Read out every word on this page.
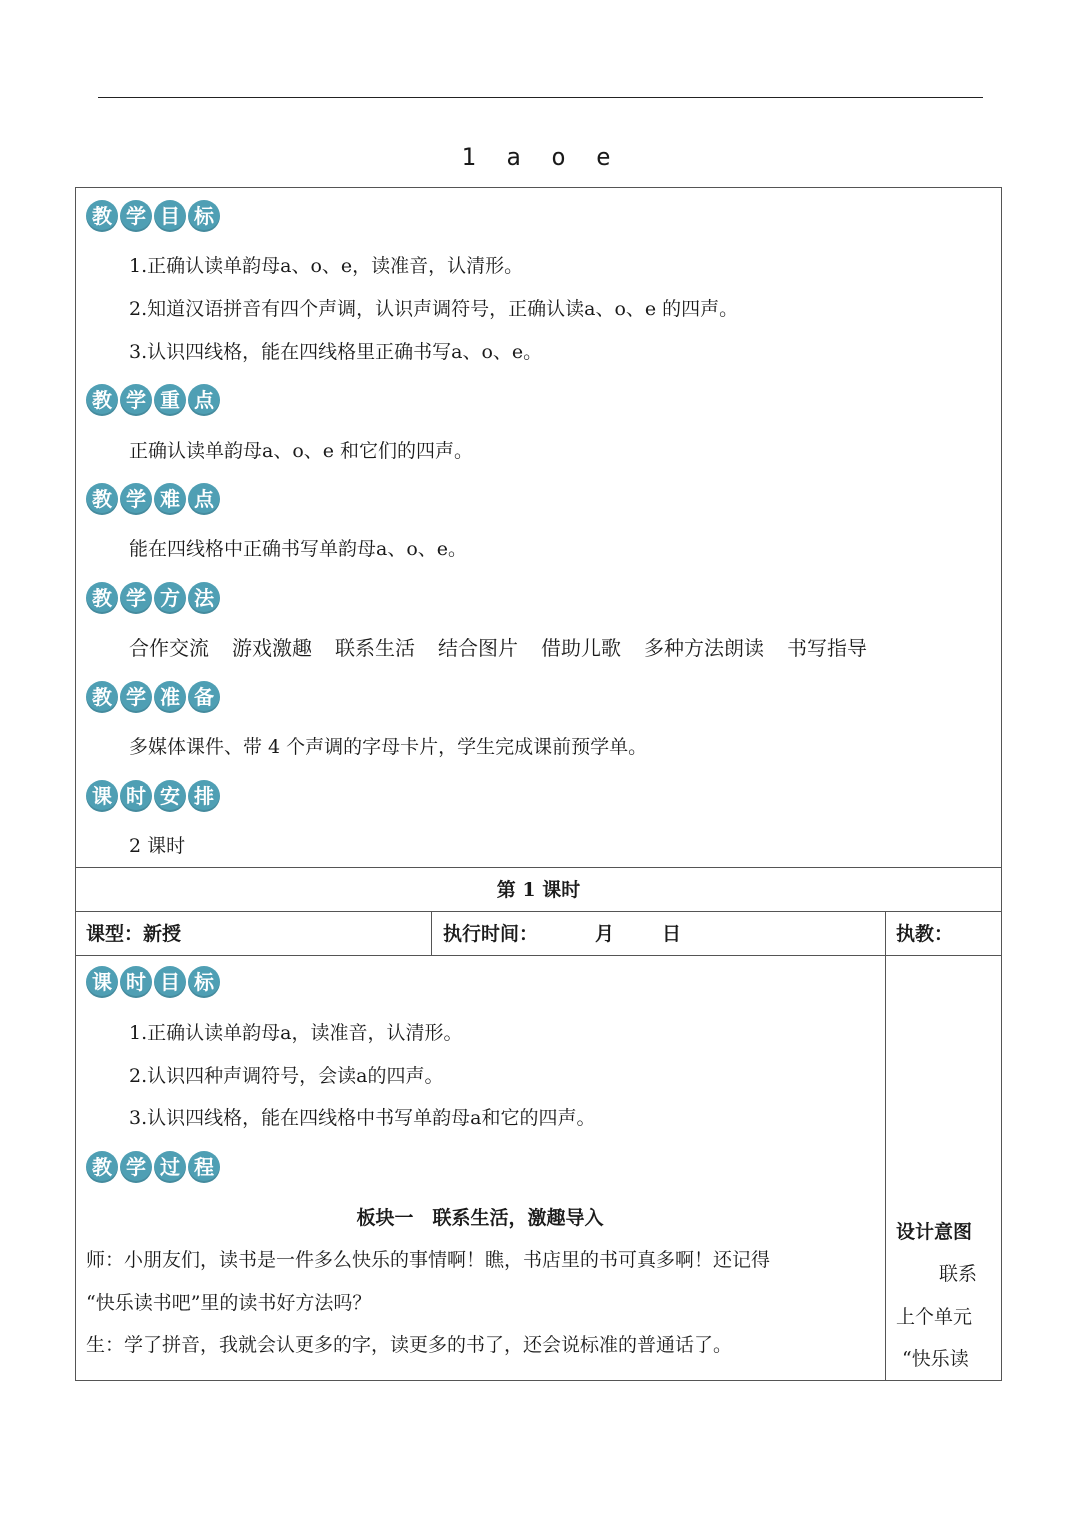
1 a o e
教 学 目 标
1.正确认读单韵母a、o、e，读准音，认清形。
2.知道汉语拼音有四个声调，认识声调符号，正确认读a、o、e 的四声。
3.认识四线格，能在四线格里正确书写a、o、e。
教 学 重 点
正确认读单韵母a、o、e 和它们的四声。
教 学 难 点
能在四线格中正确书写单韵母a、o、e。
教 学 方 法
合作交流 游戏激趣 联系生活 结合图片 借助儿歌 多种方法朗读 书写指导
教 学 准 备
多媒体课件、带 4 个声调的字母卡片，学生完成课前预学单。
课 时 安 排
2 课时
第 1 课时
课型：新授	执行时间：	月	日	执教：
课 时 目 标
1.正确认读单韵母a，读准音，认清形。
2.认识四种声调符号，会读a的四声。
3.认识四线格，能在四线格中书写单韵母a和它的四声。
教 学 过 程
板块一　联系生活，激趣导入
师：小朋友们，读书是一件多么快乐的事情啊！瞧，书店里的书可真多啊！还记得
“快乐读书吧”里的读书好方法吗？
生：学了拼音，我就会认更多的字，读更多的书了，还会说标准的普通话了。
设计意图
联系
上个单元
“快乐读
